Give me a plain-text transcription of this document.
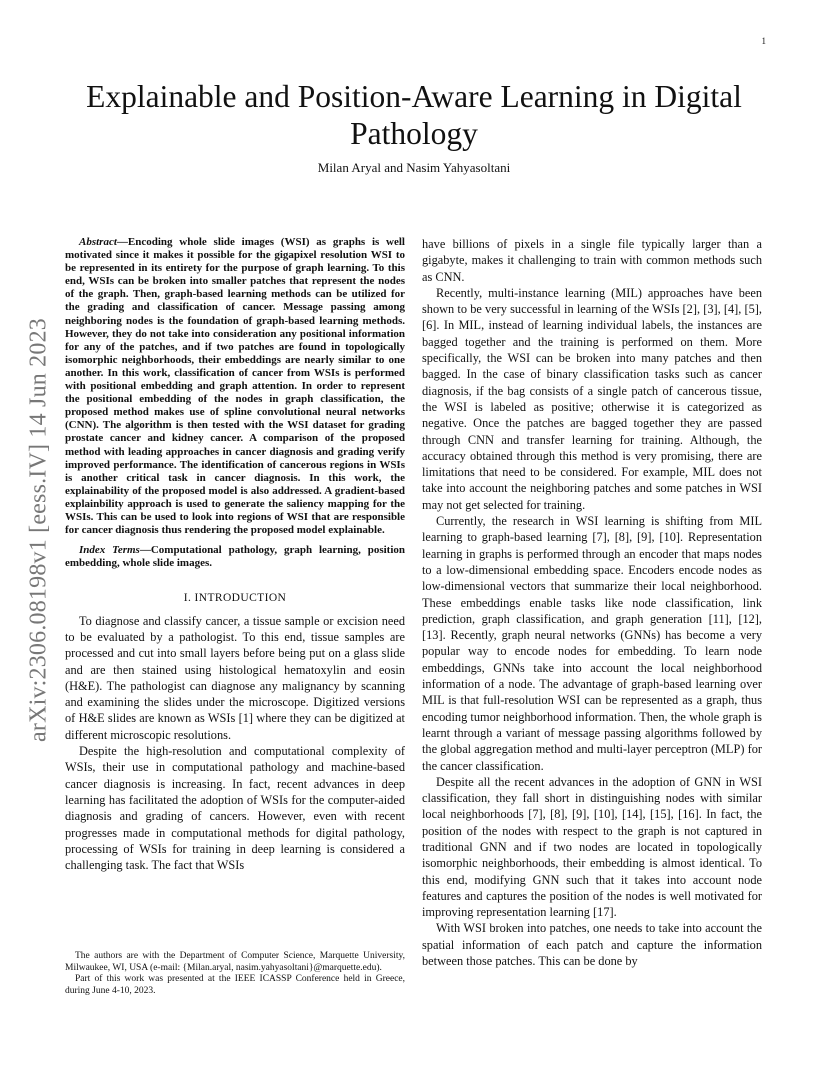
1
arXiv:2306.08198v1 [eess.IV] 14 Jun 2023
Explainable and Position-Aware Learning in Digital Pathology
Milan Aryal and Nasim Yahyasoltani

Abstract—Encoding whole slide images (WSI) as graphs is well motivated since it makes it possible for the gigapixel resolution WSI to be represented in its entirety for the purpose of graph learning. To this end, WSIs can be broken into smaller patches that represent the nodes of the graph. Then, graph-based learning methods can be utilized for the grading and classification of cancer. Message passing among neighboring nodes is the foundation of graph-based learning methods. However, they do not take into consideration any positional information for any of the patches, and if two patches are found in topologically isomorphic neighborhoods, their embeddings are nearly similar to one another. In this work, classification of cancer from WSIs is performed with positional embedding and graph attention. In order to represent the positional embedding of the nodes in graph classification, the proposed method makes use of spline convolutional neural networks (CNN). The algorithm is then tested with the WSI dataset for grading prostate cancer and kidney cancer. A comparison of the proposed method with leading approaches in cancer diagnosis and grading verify improved performance. The identification of cancerous regions in WSIs is another critical task in cancer diagnosis. In this work, the explainability of the proposed model is also addressed. A gradient-based explainbility approach is used to generate the saliency mapping for the WSIs. This can be used to look into regions of WSI that are responsible for cancer diagnosis thus rendering the proposed model explainable.

Index Terms—Computational pathology, graph learning, position embedding, whole slide images.

I. INTRODUCTION

To diagnose and classify cancer, a tissue sample or excision need to be evaluated by a pathologist. To this end, tissue samples are processed and cut into small layers before being put on a glass slide and are then stained using histological hematoxylin and eosin (H&E). The pathologist can diagnose any malignancy by scanning and examining the slides under the microscope. Digitized versions of H&E slides are known as WSIs [1] where they can be digitized at different microscopic resolutions.

Despite the high-resolution and computational complexity of WSIs, their use in computational pathology and machine-based cancer diagnosis is increasing. In fact, recent advances in deep learning has facilitated the adoption of WSIs for the computer-aided diagnosis and grading of cancers. However, even with recent progresses made in computational methods for digital pathology, processing of WSIs for training in deep learning is considered a challenging task. The fact that WSIs

The authors are with the Department of Computer Science, Marquette University, Milwaukee, WI, USA (e-mail: {Milan.aryal, nasim.yahyasoltani}@marquette.edu).

Part of this work was presented at the IEEE ICASSP Conference held in Greece, during June 4-10, 2023.

have billions of pixels in a single file typically larger than a gigabyte, makes it challenging to train with common methods such as CNN.

Recently, multi-instance learning (MIL) approaches have been shown to be very successful in learning of the WSIs [2], [3], [4], [5], [6]. In MIL, instead of learning individual labels, the instances are bagged together and the training is performed on them. More specifically, the WSI can be broken into many patches and then bagged. In the case of binary classification tasks such as cancer diagnosis, if the bag consists of a single patch of cancerous tissue, the WSI is labeled as positive; otherwise it is categorized as negative. Once the patches are bagged together they are passed through CNN and transfer learning for training. Although, the accuracy obtained through this method is very promising, there are limitations that need to be considered. For example, MIL does not take into account the neighboring patches and some patches in WSI may not get selected for training.

Currently, the research in WSI learning is shifting from MIL learning to graph-based learning [7], [8], [9], [10]. Representation learning in graphs is performed through an encoder that maps nodes to a low-dimensional embedding space. Encoders encode nodes as low-dimensional vectors that summarize their local neighborhood. These embeddings enable tasks like node classification, link prediction, graph classification, and graph generation [11], [12], [13]. Recently, graph neural networks (GNNs) has become a very popular way to encode nodes for embedding. To learn node embeddings, GNNs take into account the local neighborhood information of a node. The advantage of graph-based learning over MIL is that full-resolution WSI can be represented as a graph, thus encoding tumor neighborhood information. Then, the whole graph is learnt through a variant of message passing algorithms followed by the global aggregation method and multi-layer perceptron (MLP) for the cancer classification.

Despite all the recent advances in the adoption of GNN in WSI classification, they fall short in distinguishing nodes with similar local neighborhoods [7], [8], [9], [10], [14], [15], [16]. In fact, the position of the nodes with respect to the graph is not captured in traditional GNN and if two nodes are located in topologically isomorphic neighborhoods, their embedding is almost identical. To this end, modifying GNN such that it takes into account node features and captures the position of the nodes is well motivated for improving representation learning [17].

With WSI broken into patches, one needs to take into account the spatial information of each patch and capture the information between those patches. This can be done by
